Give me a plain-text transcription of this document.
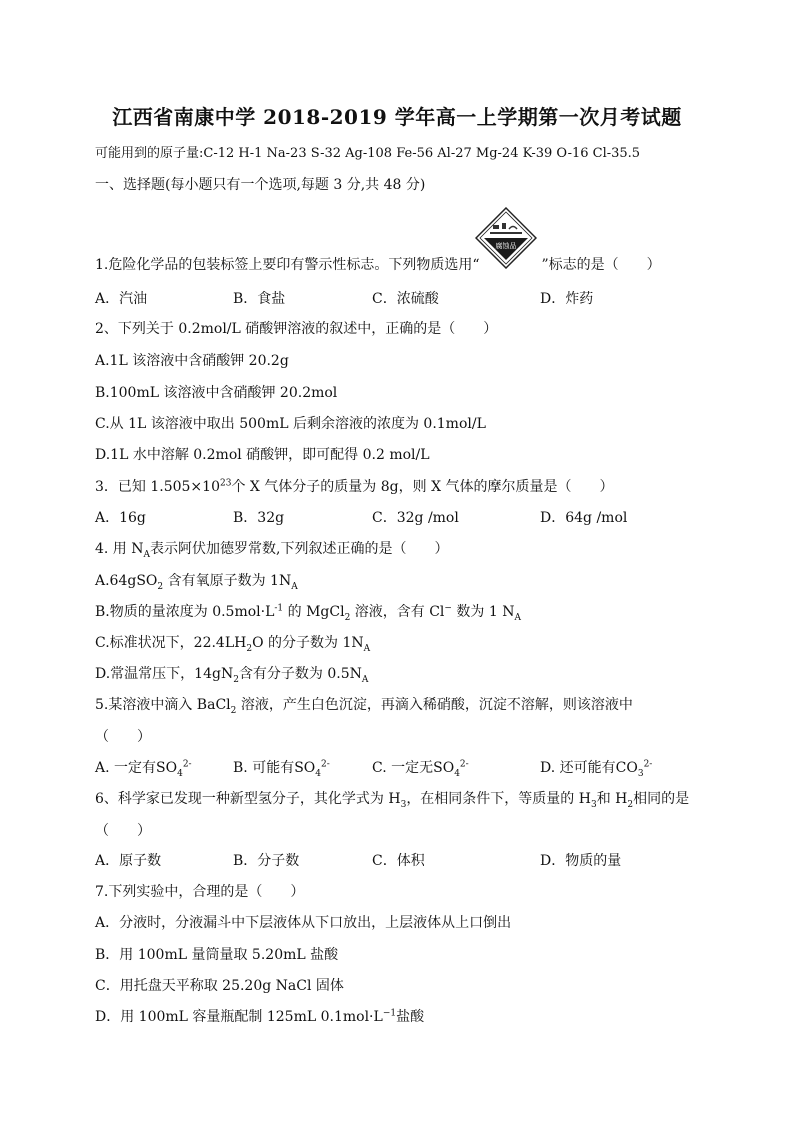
江西省南康中学 2018-2019 学年高一上学期第一次月考试题
可能用到的原子量:C-12 H-1 Na-23 S-32 Ag-108 Fe-56 Al-27 Mg-24 K-39 O-16 Cl-35.5
一、选择题(每小题只有一个选项,每题 3 分,共 48 分)
1.危险化学品的包装标签上要印有警示性标志。下列物质选用“	”标志的是（　　）
腐蚀品
A．汽油	B．食盐	C．浓硫酸	D．炸药
2、下列关于 0.2mol/L 硝酸钾溶液的叙述中，正确的是（　　）
A.1L 该溶液中含硝酸钾 20.2g
B.100mL 该溶液中含硝酸钾 20.2mol
C.从 1L 该溶液中取出 500mL 后剩余溶液的浓度为 0.1mol/L
D.1L 水中溶解 0.2mol 硝酸钾，即可配得 0.2 mol/L
3．已知 $1.505\times 10^{23}$个 X 气体分子的质量为 8g，则 X 气体的摩尔质量是（　　）
A．16g	B．32g	C．32g /mol	D．64g /mol
4. 用 $N_A$表示阿伏加德罗常数,下列叙述正确的是（　　）
A.64gSO$_2$ 含有氧原子数为 $1N_A$
B.物质的量浓度为 $0.5mol\cdot L^{-1}$ 的 MgCl$_2$ 溶液，含有 Cl− 数为 1 $N_A$
C.标准状况下，$22.4LH_2O$ 的分子数为 $1N_A$
D.常温常压下，$14gN_2$含有分子数为 $0.5N_A$
5.某溶液中滴入 BaCl$_2$ 溶液，产生白色沉淀，再滴入稀硝酸，沉淀不溶解，则该溶液中
（　　）
A. 一定有$SO_4^{2-}$	B. 可能有$SO_4^{2-}$	C. 一定无$SO_4^{2-}$	D. 还可能有$CO_3^{2-}$
6、科学家已发现一种新型氢分子，其化学式为 $H_3$，在相同条件下，等质量的 $H_3$和 $H_2$相同的是
（　　）
A．原子数	B．分子数	C．体积	D．物质的量
7.下列实验中，合理的是（　　）
A．分液时，分液漏斗中下层液体从下口放出，上层液体从上口倒出
B．用 100mL 量筒量取 5.20mL 盐酸
C．用托盘天平称取 25.20g NaCl 固体
D．用 100mL 容量瓶配制 125mL $0.1mol\cdot L^{-1}$盐酸
